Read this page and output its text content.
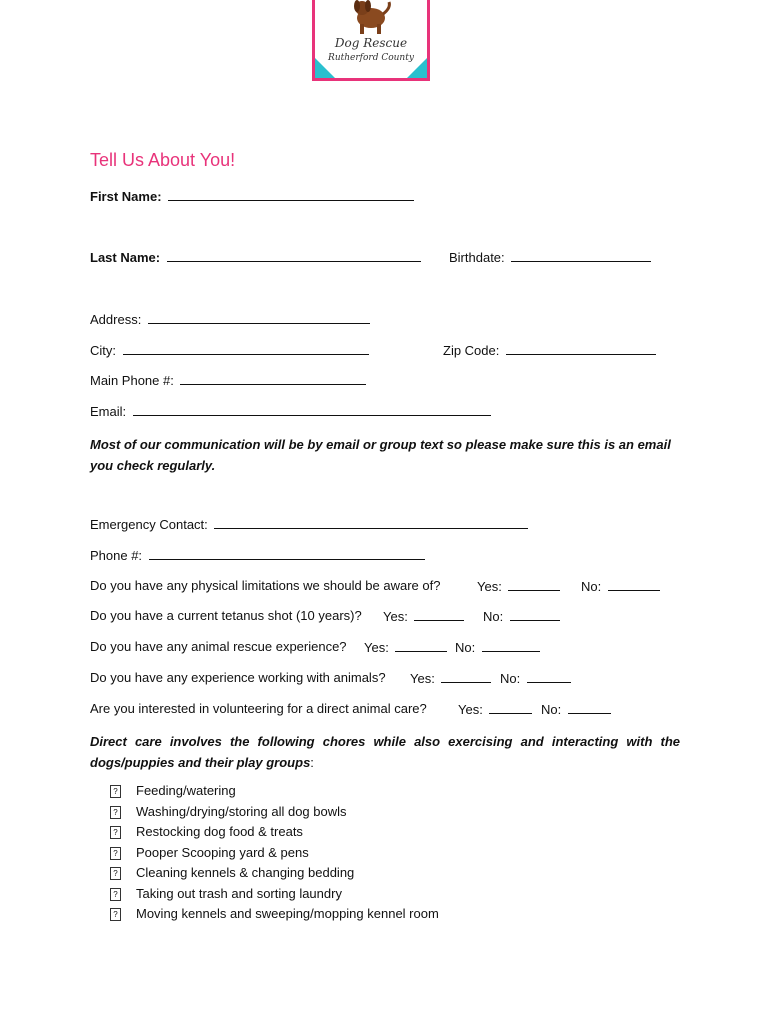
Dog Rescue
Rutherford County
Tell Us About You!
First Name:
Last Name:	Birthdate:
Address:
City:	Zip Code:
Main Phone #:
Email:
Most of our communication will be by email or group text so please make sure this is an email you check regularly.
Emergency Contact:
Phone #:
Do you have any physical limitations we should be aware of?	Yes:	No:
Do you have a current tetanus shot (10 years)? Yes:	No:
Do you have any animal rescue experience? Yes:	No:
Do you have any experience working with animals? Yes:	No:
Are you interested in volunteering for a direct animal care? Yes:	No:
Direct care involves the following chores while also exercising and interacting with the dogs/puppies and their play groups:
? Feeding/watering
? Washing/drying/storing all dog bowls
? Restocking dog food & treats
? Pooper Scooping yard & pens
? Cleaning kennels & changing bedding
? Taking out trash and sorting laundry
? Moving kennels and sweeping/mopping kennel room
